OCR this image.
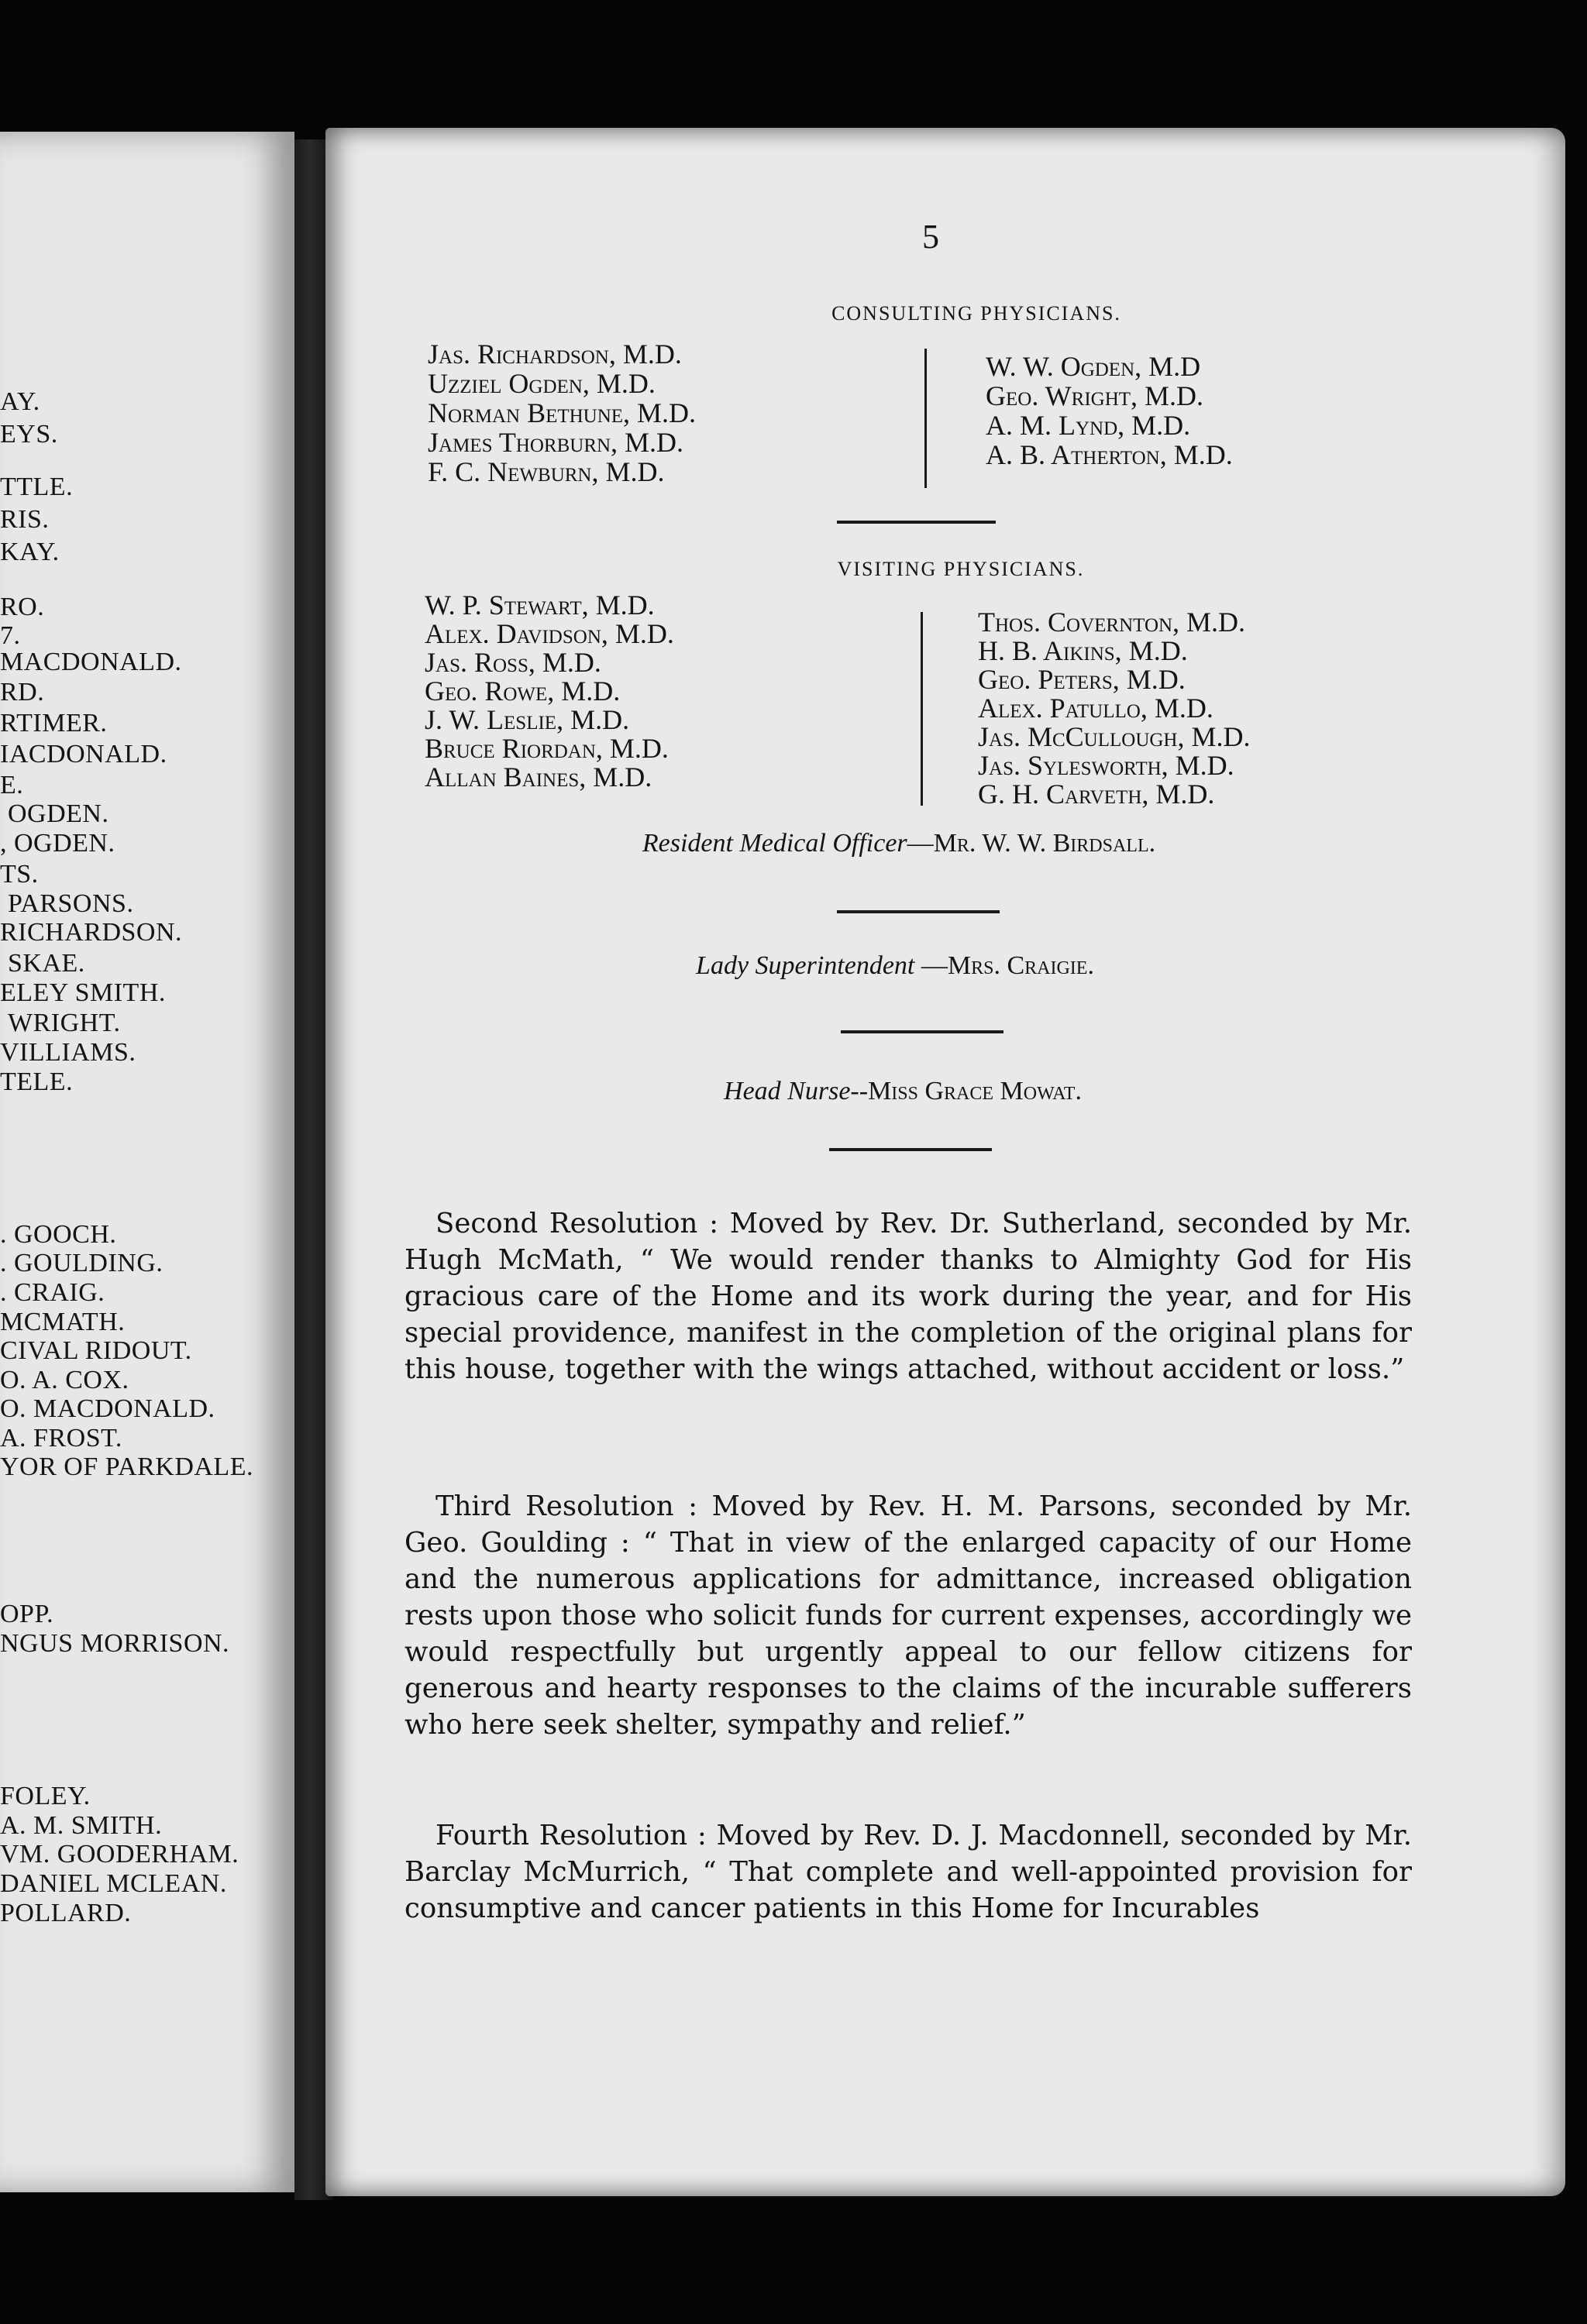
AY.
EYS.
TTLE.
RIS.
KAY.
RO.
7.
MACDONALD.
RD.
RTIMER.
IACDONALD.
E.
OGDEN.
, OGDEN.
TS.
PARSONS.
RICHARDSON.
SKAE.
ELEY SMITH.
WRIGHT.
VILLIAMS.
TELE.
. GOOCH.
. GOULDING.
. CRAIG.
MCMATH.
CIVAL RIDOUT.
O. A. COX.
O. MACDONALD.
A. FROST.
YOR OF PARKDALE.
OPP.
NGUS MORRISON.
FOLEY.
A. M. SMITH.
VM. GOODERHAM.
DANIEL MCLEAN.
POLLARD.
5
CONSULTING PHYSICIANS.
Jas. Richardson, M.D.
Uzziel Ogden, M.D.
Norman Bethune, M.D.
James Thorburn, M.D.
F. C. Newburn, M.D.
W. W. Ogden, M.D
Geo. Wright, M.D.
A. M. Lynd, M.D.
A. B. Atherton, M.D.
VISITING PHYSICIANS.
W. P. Stewart, M.D.
Alex. Davidson, M.D.
Jas. Ross, M.D.
Geo. Rowe, M.D.
J. W. Leslie, M.D.
Bruce Riordan, M.D.
Allan Baines, M.D.
Thos. Covernton, M.D.
H. B. Aikins, M.D.
Geo. Peters, M.D.
Alex. Patullo, M.D.
Jas. McCullough, M.D.
Jas. Sylesworth, M.D.
G. H. Carveth, M.D.
Resident Medical Officer—Mr. W. W. Birdsall.
Lady Superintendent —Mrs. Craigie.
Head Nurse--Miss Grace Mowat.

Second Resolution : Moved by Rev. Dr. Sutherland, seconded by Mr. Hugh McMath, “ We would render thanks to Almighty God for His gracious care of the Home and its work during the year, and for His special providence, manifest in the completion of the original plans for this house, together with the wings attached, without accident or loss.”

Third Resolution : Moved by Rev. H. M. Parsons, seconded by Mr. Geo. Goulding : “ That in view of the enlarged capacity of our Home and the numerous applications for admittance, increased obligation rests upon those who solicit funds for current expenses, accordingly we would respectfully but urgently appeal to our fellow citizens for generous and hearty responses to the claims of the incurable sufferers who here seek shelter, sympathy and relief.”

Fourth Resolution : Moved by Rev. D. J. Macdonnell, seconded by Mr. Barclay McMurrich, “ That complete and well-appointed provision for consumptive and cancer patients in this Home for Incurables
